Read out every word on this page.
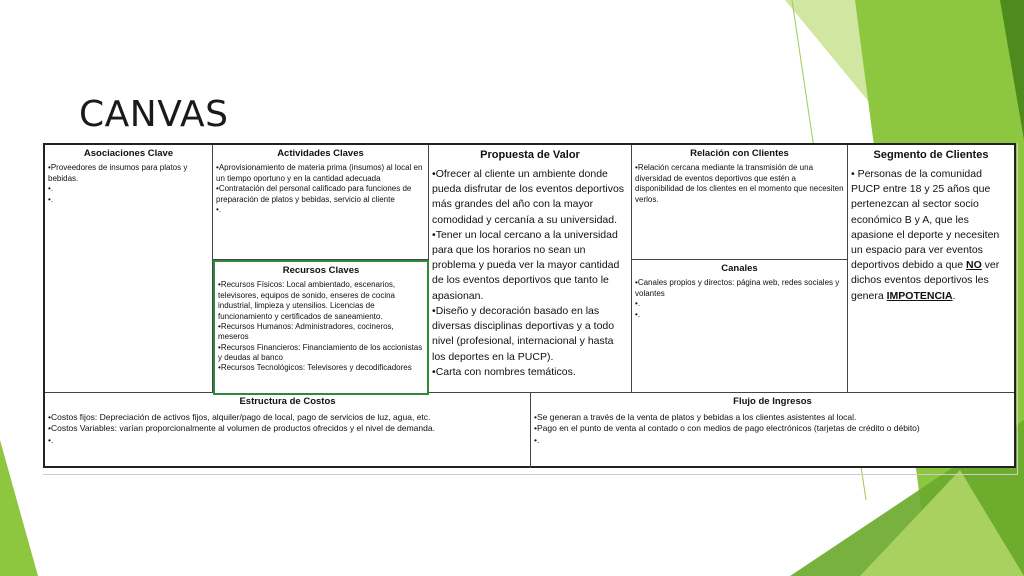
CANVAS
Asociaciones Clave
• Proveedores de insumos para platos y bebidas.
• .
• .
Actividades Claves
• Aprovisionamiento de materia prima (insumos) al local en un tiempo oportuno y en la cantidad adecuada
• Contratación del personal calificado para funciones de preparación de platos y bebidas, servicio al cliente
• .
Recursos Claves
• Recursos Físicos: Local ambientado, escenarios, televisores, equipos de sonido, enseres de cocina industrial, limpieza y utensilios. Licencias de funcionamiento y certificados de saneamiento.
• Recursos Humanos: Administradores, cocineros, meseros
• Recursos Financieros: Financiamiento de los accionistas y deudas al banco
• Recursos Tecnológicos: Televisores y decodificadores
Propuesta de Valor
• Ofrecer al cliente un ambiente donde pueda disfrutar de los eventos deportivos más grandes del año con la mayor comodidad y cercanía a su universidad.
• Tener un local cercano a la universidad para que los horarios no sean un problema y pueda ver la mayor cantidad de los eventos deportivos que tanto le apasionan.
• Diseño y decoración basado en las diversas disciplinas deportivas y a todo nivel (profesional, internacional y hasta los deportes en la PUCP).
• Carta con nombres temáticos.
Relación con Clientes
• Relación cercana mediante la transmisión de una diversidad de eventos deportivos que estén a disponibilidad de los clientes en el momento que necesiten verlos.
Canales
• Canales propios y directos: página web, redes sociales y volantes
• .
• .
Segmento de Clientes
• Personas de la comunidad PUCP entre 18 y 25 años que pertenezcan al sector socio económico B y A, que les apasione el deporte y necesiten un espacio para ver eventos deportivos debido a que NO ver dichos eventos deportivos les genera IMPOTENCIA.
Estructura de Costos
• Costos fijos: Depreciación de activos fijos, alquiler/pago de local, pago de servicios de luz, agua, etc.
• Costos Variables: varían proporcionalmente al volumen de productos ofrecidos y el nivel de demanda.
• .
Flujo de Ingresos
• Se generan a través de la venta de platos y bebidas a los clientes asistentes al local.
• Pago en el punto de venta al contado o con medios de pago electrónicos (tarjetas de crédito o débito)
• .
